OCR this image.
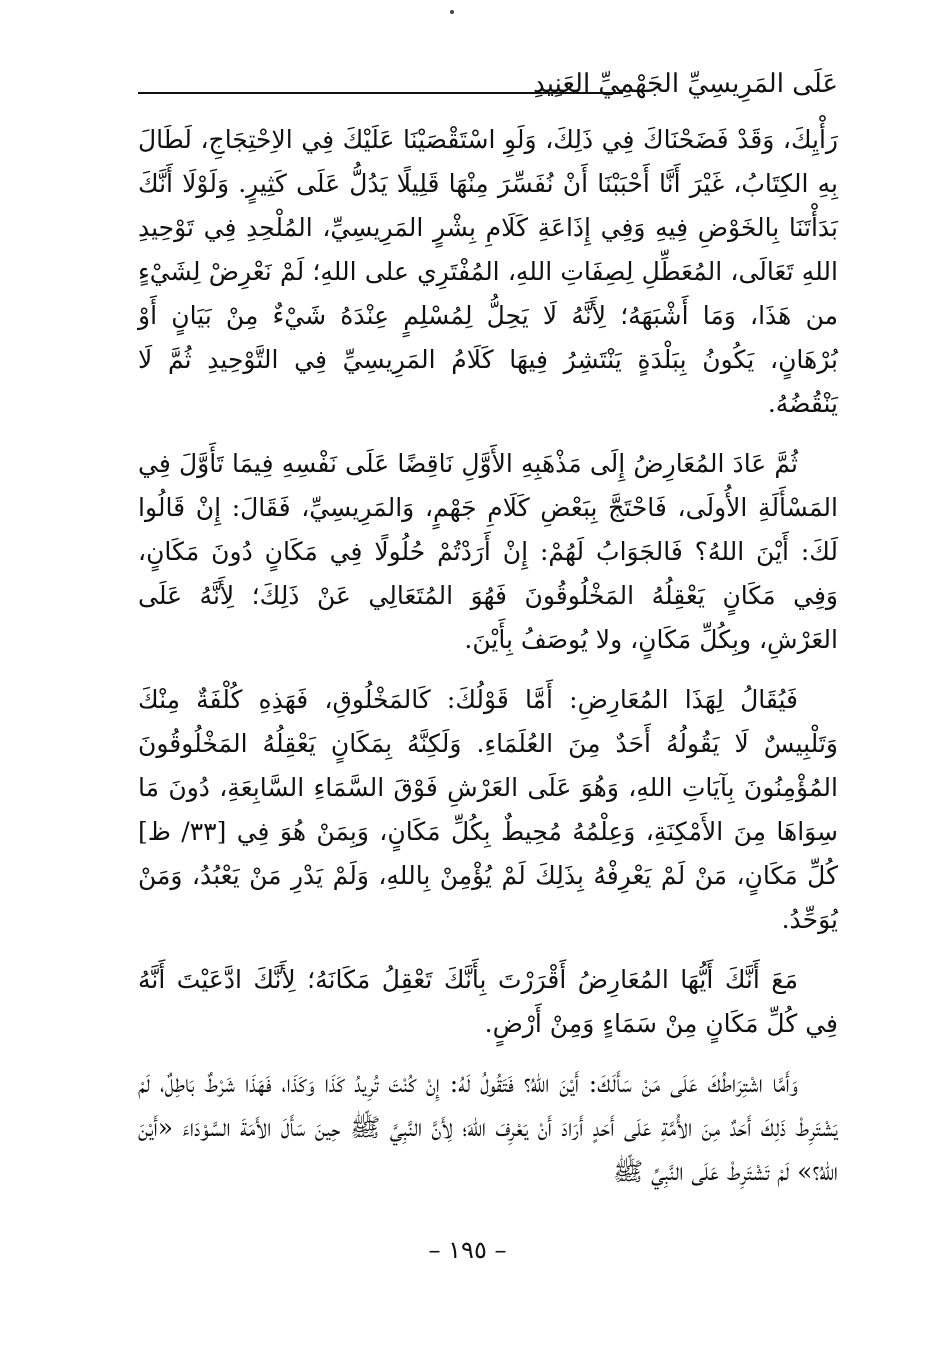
عَلَى المَرِيسِيِّ الجَهْمِيِّ العَنِيدِ

رَأْيِكَ، وَقَدْ فَضَحْنَاكَ فِي ذَلِكَ، وَلَوِ اسْتَقْصَيْنَا عَلَيْكَ فِي الاِحْتِجَاجِ، لَطَالَ بِهِ الكِتَابُ، غَيْرَ أَنَّا أَحْبَبْنَا أَنْ نُفَسِّرَ مِنْهَا قَلِيلًا يَدُلُّ عَلَى كَثِيرٍ. وَلَوْلَا أَنَّكَ بَدَأْتَنَا بِالخَوْضِ فِيهِ وَفِي إِذَاعَةِ كَلَامِ بِشْرٍ المَرِيسِيِّ، المُلْحِدِ فِي تَوْحِيدِ اللهِ تَعَالَى، المُعَطِّلِ لِصِفَاتِ اللهِ، المُفْتَرِي على اللهِ؛ لَمْ نَعْرِضْ لِشَيْءٍ من هَذَا، وَمَا أَشْبَهَهُ؛ لِأَنَّهُ لَا يَحِلُّ لِمُسْلِمٍ عِنْدَهُ شَيْءٌ مِنْ بَيَانٍ أَوْ بُرْهَانٍ، يَكُونُ بِبَلْدَةٍ يَنْتَشِرُ فِيهَا كَلَامُ المَرِيسِيِّ فِي التَّوْحِيدِ ثُمَّ لَا يَنْقُضُهُ.

ثُمَّ عَادَ المُعَارِضُ إِلَى مَذْهَبِهِ الأَوَّلِ نَاقِضًا عَلَى نَفْسِهِ فِيمَا تَأَوَّلَ فِي المَسْأَلَةِ الأُولَى، فَاحْتَجَّ بِبَعْضِ كَلَامِ جَهْمٍ، وَالمَرِيسِيِّ، فَقَالَ: إِنْ قَالُوا لَكَ: أَيْنَ اللهُ؟ فَالجَوَابُ لَهُمْ: إِنْ أَرَدْتُمْ حُلُولًا فِي مَكَانٍ دُونَ مَكَانٍ، وَفِي مَكَانٍ يَعْقِلُهُ المَخْلُوقُونَ فَهُوَ المُتَعَالِي عَنْ ذَلِكَ؛ لِأَنَّهُ عَلَى العَرْشِ، وبِكُلِّ مَكَانٍ، ولا يُوصَفُ بِأَيْنَ.

فَيُقَالُ لِهَذَا المُعَارِضِ: أَمَّا قَوْلُكَ: كَالمَخْلُوقِ، فَهَذِهِ كُلْفَةٌ مِنْكَ وَتَلْبِيسٌ لَا يَقُولُهُ أَحَدٌ مِنَ العُلَمَاءِ. وَلَكِنَّهُ بِمَكَانٍ يَعْقِلُهُ المَخْلُوقُونَ المُؤْمِنُونَ بِآيَاتِ اللهِ، وَهُوَ عَلَى العَرْشِ فَوْقَ السَّمَاءِ السَّابِعَةِ، دُونَ مَا سِوَاهَا مِنَ الأَمْكِنَةِ، وَعِلْمُهُ مُحِيطٌ بِكُلِّ مَكَانٍ، وَبِمَنْ هُوَ فِي [٣٣/ ظ] كُلِّ مَكَانٍ، مَنْ لَمْ يَعْرِفْهُ بِذَلِكَ لَمْ يُؤْمِنْ بِاللهِ، وَلَمْ يَدْرِ مَنْ يَعْبُدُ، وَمَنْ يُوَحِّدُ.

مَعَ أَنَّكَ أَيُّهَا المُعَارِضُ أَقْرَرْتَ بِأَنَّكَ تَعْقِلُ مَكَانَهُ؛ لِأَنَّكَ ادَّعَيْتَ أَنَّهُ فِي كُلِّ مَكَانٍ مِنْ سَمَاءٍ وَمِنْ أَرْضٍ.

وَأَمَّا اشْتِرَاطُكَ عَلَى مَنْ سَأَلَكَ: أَيْنَ اللهُ؟ فَتَقُولُ لَهُ: إِنْ كُنْتَ تُرِيدُ كَذَا وَكَذَا، فَهَذَا شَرْطٌ بَاطِلٌ، لَمْ يَشْتَرِطْ ذَلِكَ أَحَدٌ مِنَ الأُمَّةِ عَلَى أَحَدٍ أَرَادَ أَنْ يَعْرِفَ اللهَ؛ لِأَنَّ النَّبِيَّ ﷺ حِينَ سَأَلَ الأَمَةَ السَّوْدَاءَ «أَيْنَ اللهُ؟» لَمْ تَشْتَرِطْ عَلَى النَّبِيِّ ﷺ

– ١٩٥ –
